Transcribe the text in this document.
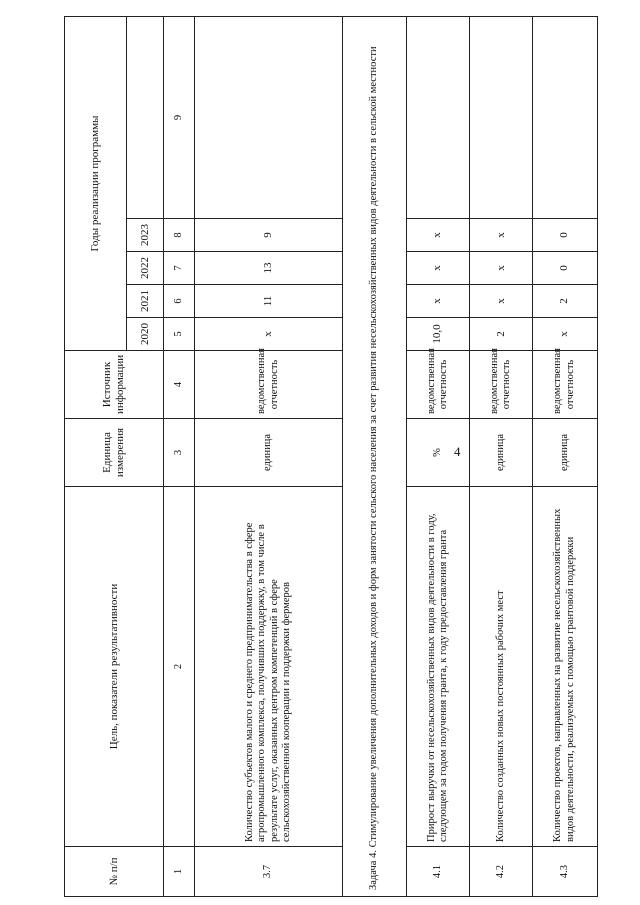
4
№ п/п	Цель, показатели результативности	Единица измерения	Источник информации	Годы реализации программы				
				2020	2021	2022	2023	
1	2	3	4	5	6	7	8	9
3.7	Количество субъектов малого и среднего предпринимательства в сфере агропромышленного комплекса, получивших поддержку, в том числе в результате услуг, оказанных центром компетенций в сфере сельскохозяйственной кооперации и поддержки фермеров	единица	ведомственная отчетность	x	11	13	9	
Задача 4. Стимулирование увеличения дополнительных доходов и форм занятости сельского населения за счет развития несельскохозяйственных видов деятельности в сельской местности								
4.1	Прирост выручки от несельскохозяйственных видов деятельности в году, следующем за годом получения гранта, к году предоставления гранта	%	ведомственная отчетность	10,0	x	x	x	
4.2	Количество созданных новых постоянных рабочих мест	единица	ведомственная отчетность	2	x	x	x	
4.3	Количество проектов, направленных на развитие несельскохозяйственных видов деятельности, реализуемых с помощью грантовой поддержки	единица	ведомственная отчетность	x	2	0	0	
